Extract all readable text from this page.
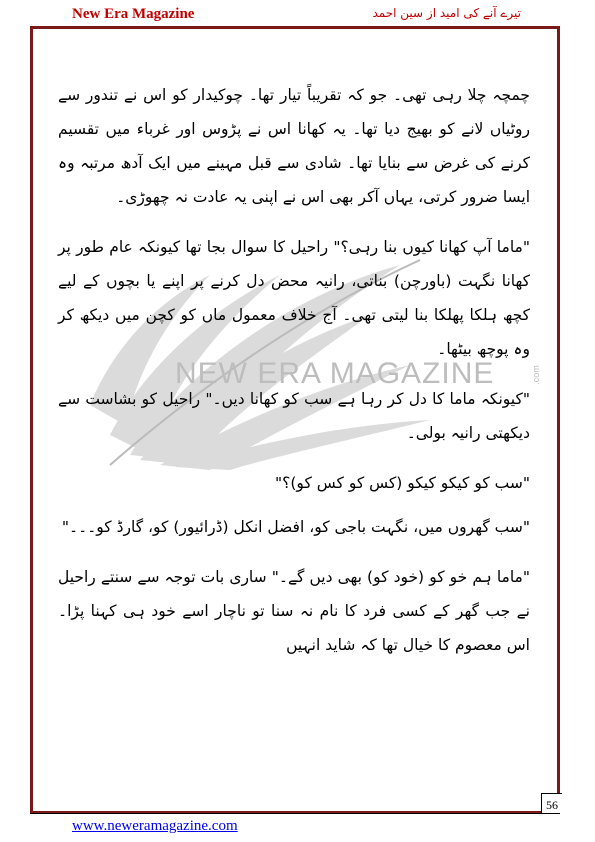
New Era Magazine	تیرے آنے کی امید از سین احمد
NEW ERA MAGAZINE	.com

چمچہ چلا رہی تھی۔ جو کہ تقریباً تیار تھا۔ چوکیدار کو اس نے تندور سے روٹیاں لانے کو بھیج دیا تھا۔ یہ کھانا اس نے پڑوس اور غرباء میں تقسیم کرنے کی غرض سے بنایا تھا۔ شادی سے قبل مہینے میں ایک آدھ مرتبہ وہ ایسا ضرور کرتی، یہاں آکر بھی اس نے اپنی یہ عادت نہ چھوڑی۔

"ماما آپ کھانا کیوں بنا رہی؟" راحیل کا سوال بجا تھا کیونکہ عام طور پر کھانا نگہت (باورچن) بناتی، رانیہ محض دل کرنے پر اپنے یا بچوں کے لیے کچھ ہلکا پھلکا بنا لیتی تھی۔ آج خلاف معمول ماں کو کچن میں دیکھ کر وہ پوچھ بیٹھا۔

"کیونکہ ماما کا دل کر رہا ہے سب کو کھانا دیں۔" راحیل کو بشاست سے دیکھتی رانیہ بولی۔

"سب کو کیکو کیکو (کس کو کس کو)؟"

"سب گھروں میں، نگہت باجی کو، افضل انکل (ڈرائیور) کو، گارڈ کو۔۔۔"

"ماما ہم خو کو (خود کو) بھی دیں گے۔" ساری بات توجہ سے سنتے راحیل نے جب گھر کے کسی فرد کا نام نہ سنا تو ناچار اسے خود ہی کہنا پڑا۔ اس معصوم کا خیال تھا کہ شاید انہیں

56
www.neweramagazine.com
